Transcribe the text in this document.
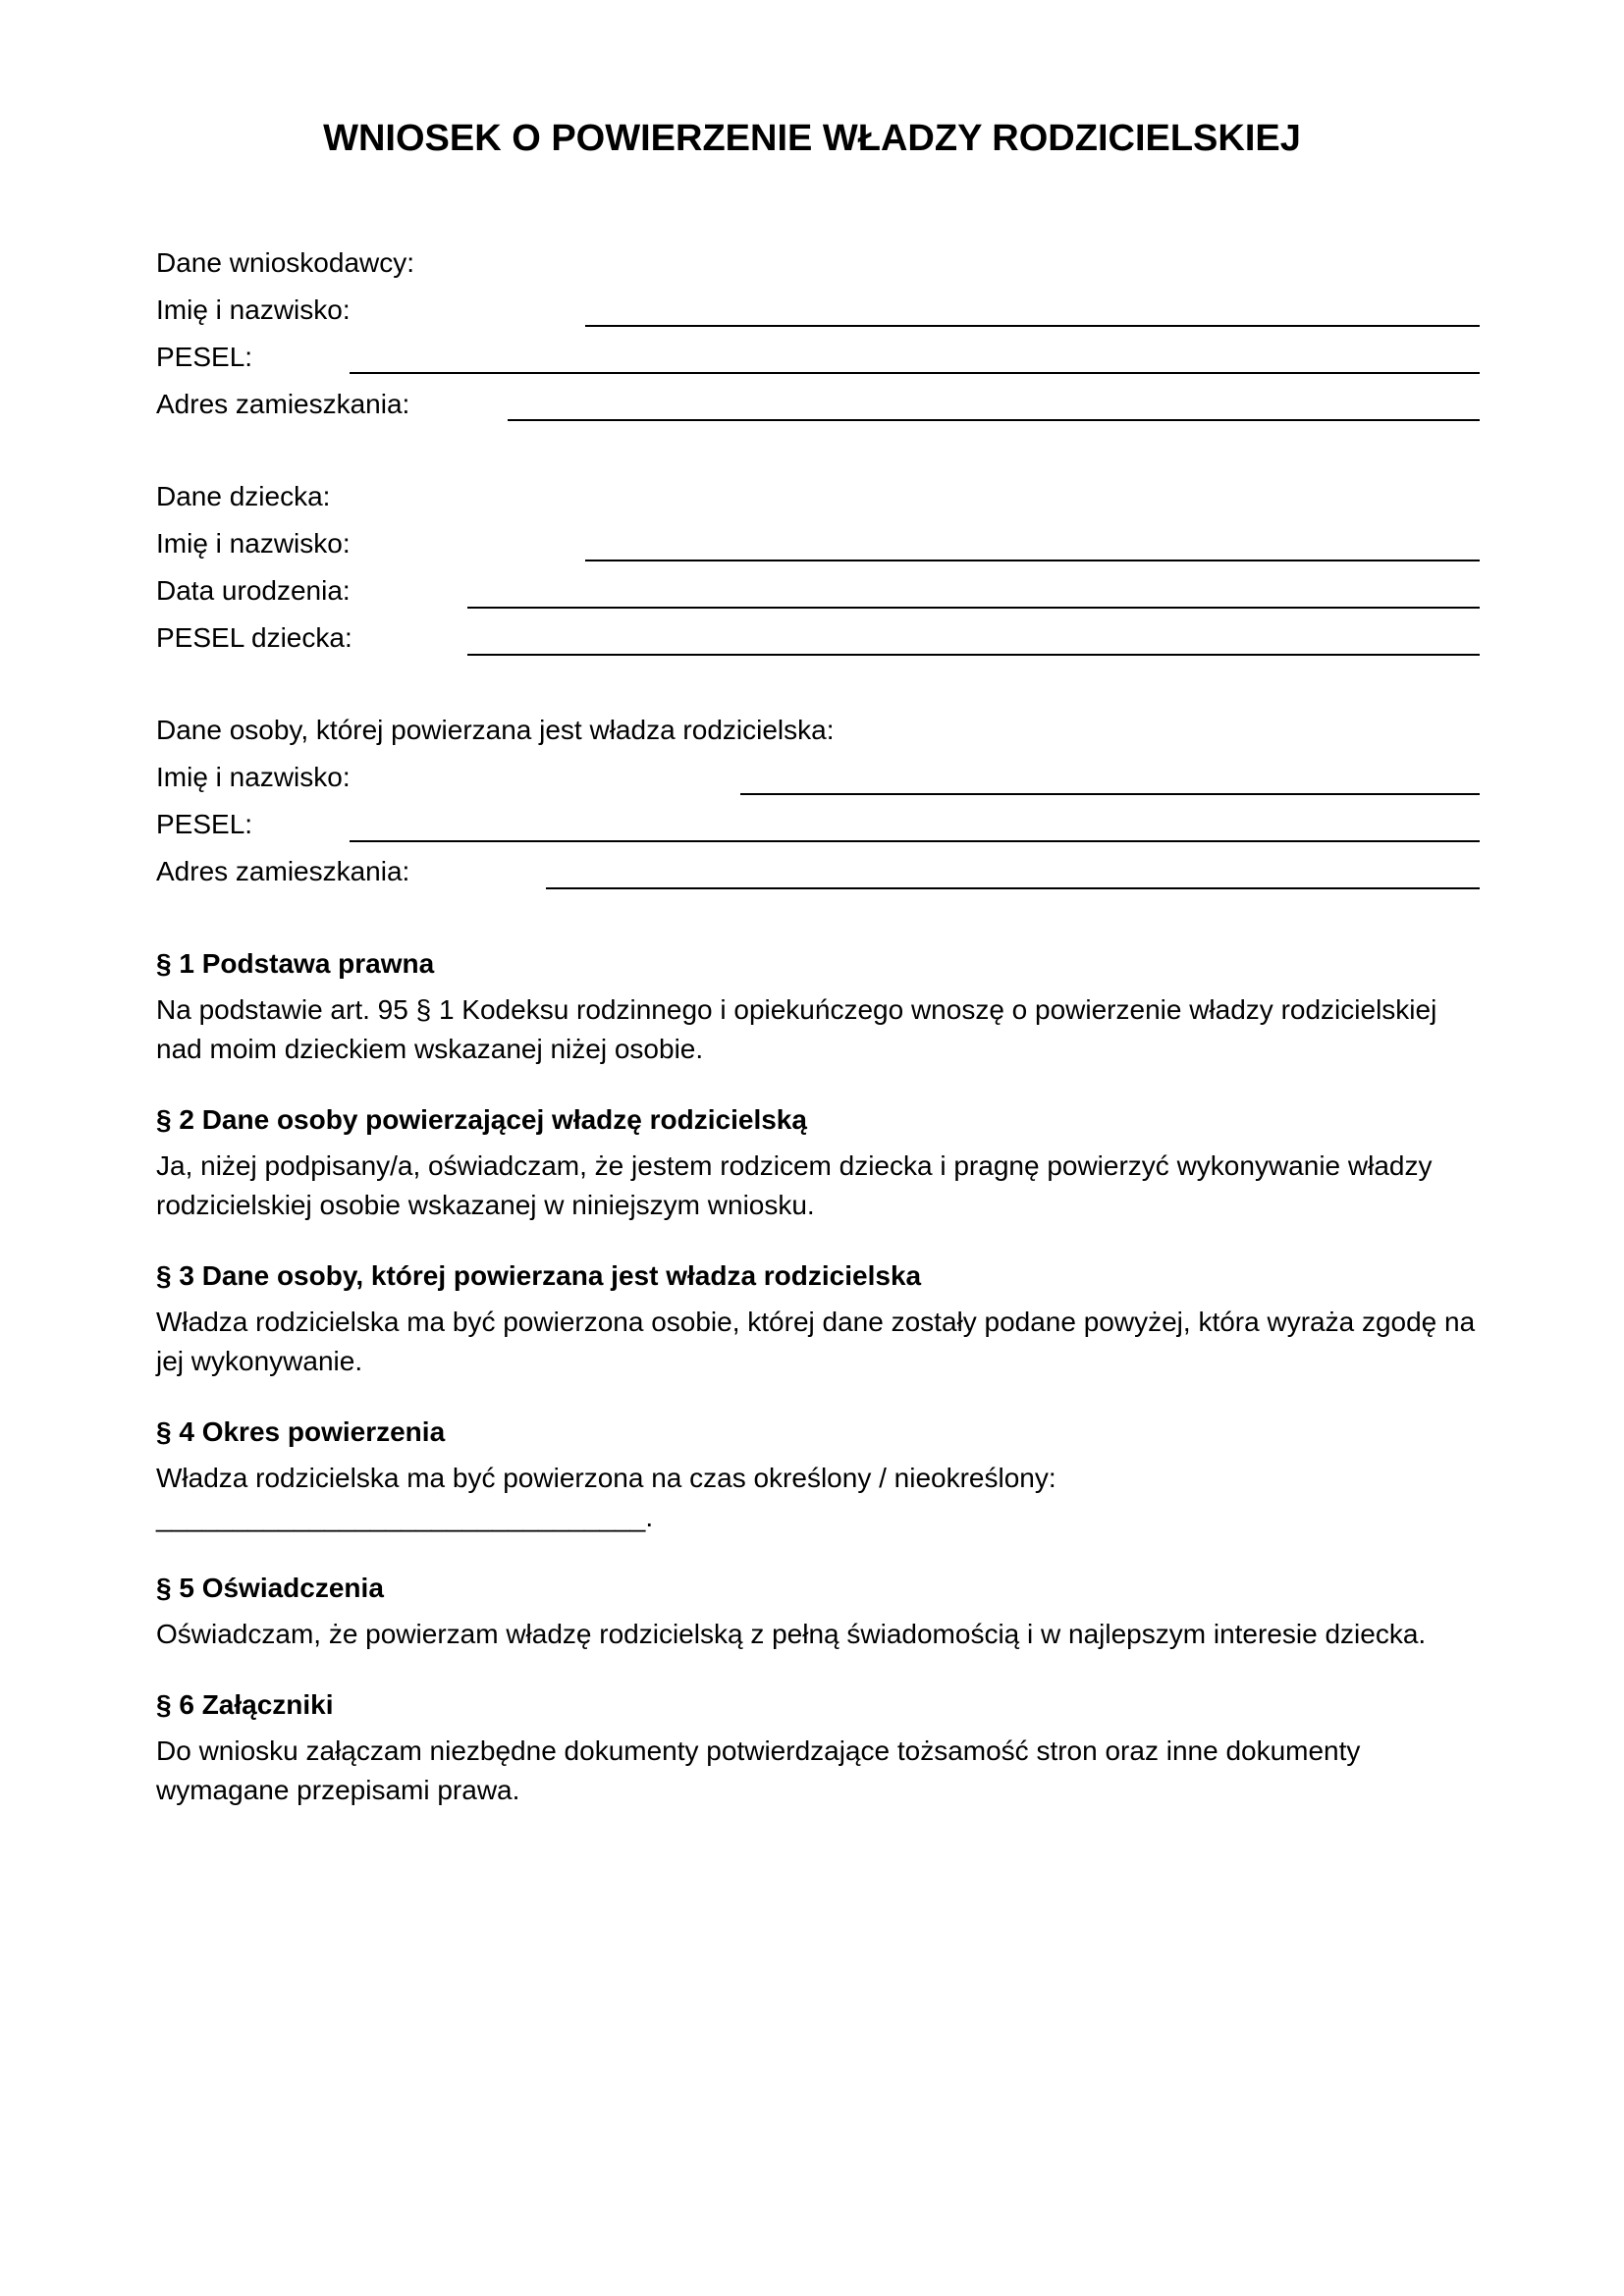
WNIOSEK O POWIERZENIE WŁADZY RODZICIELSKIEJ
Dane wnioskodawcy:
Imię i nazwisko:
PESEL:
Adres zamieszkania:
Dane dziecka:
Imię i nazwisko:
Data urodzenia:
PESEL dziecka:
Dane osoby, której powierzana jest władza rodzicielska:
Imię i nazwisko:
PESEL:
Adres zamieszkania:
§ 1 Podstawa prawna
Na podstawie art. 95 § 1 Kodeksu rodzinnego i opiekuńczego wnoszę o powierzenie władzy rodzicielskiej
nad moim dzieckiem wskazanej niżej osobie.
§ 2 Dane osoby powierzającej władzę rodzicielską
Ja, niżej podpisany/a, oświadczam, że jestem rodzicem dziecka i pragnę powierzyć wykonywanie władzy
rodzicielskiej osobie wskazanej w niniejszym wniosku.
§ 3 Dane osoby, której powierzana jest władza rodzicielska
Władza rodzicielska ma być powierzona osobie, której dane zostały podane powyżej, która wyraża zgodę na
jej wykonywanie.
§ 4 Okres powierzenia
Władza rodzicielska ma być powierzona na czas określony / nieokreślony:
________________________________.
§ 5 Oświadczenia
Oświadczam, że powierzam władzę rodzicielską z pełną świadomością i w najlepszym interesie dziecka.
§ 6 Załączniki
Do wniosku załączam niezbędne dokumenty potwierdzające tożsamość stron oraz inne dokumenty
wymagane przepisami prawa.
